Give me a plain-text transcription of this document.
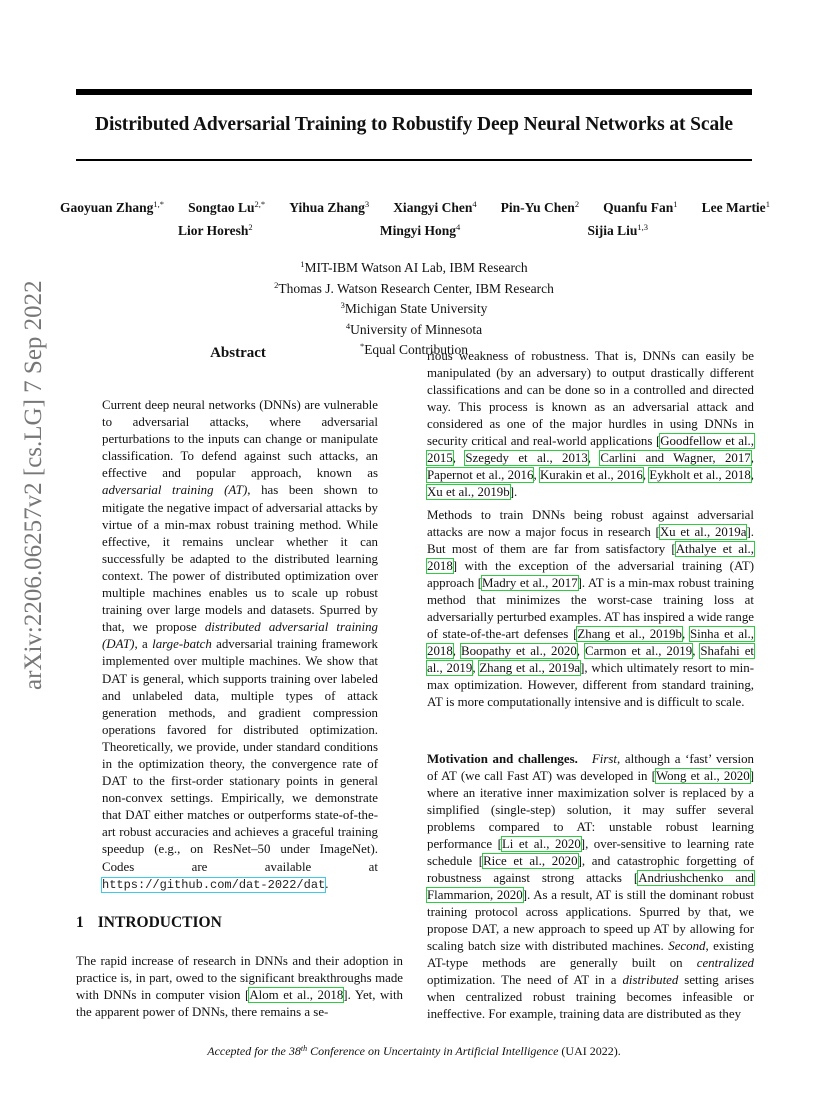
Distributed Adversarial Training to Robustify Deep Neural Networks at Scale
Gaoyuan Zhang$^{1,*}$ Songtao $Lu^{2,*}$ Yihua Zhang$^3$ Xiangyi Chen$^4$ Pin-Yu Chen$^2$ Quanfu Fan$^1$ Lee Martie$^1$
Lior Horesh$^2$	Mingyi Hong$^4$	Sijia Liu$^{1,3}$
$^1$MIT-IBM Watson AI Lab, IBM Research
$^2$Thomas J. Watson Research Center, IBM Research
$^3$Michigan State University
$^4$University of Minnesota
*Equal Contribution
arXiv:2206.06257v2 [cs.LG] 7 Sep 2022	Abstract

Current deep neural networks (DNNs) are vulnerable to adversarial attacks, where adversarial perturbations to the inputs can change or manipulate classification. To defend against such attacks, an effective and popular approach, known as adversarial training (AT), has been shown to mitigate the negative impact of adversarial attacks by virtue of a min-max robust training method. While effective, it remains unclear whether it can successfully be adapted to the distributed learning context. The power of distributed optimization over multiple machines enables us to scale up robust training over large models and datasets. Spurred by that, we propose distributed adversarial training (DAT), a large-batch adversarial training framework implemented over multiple machines. We show that DAT is general, which supports training over labeled and unlabeled data, multiple types of attack generation methods, and gradient compression operations favored for distributed optimization. Theoretically, we provide, under standard conditions in the optimization theory, the convergence rate of DAT to the first-order stationary points in general non-convex settings. Empirically, we demonstrate that DAT either matches or outperforms state-of-the-art robust accuracies and achieves a graceful training speedup (e.g., on ResNet–50 under ImageNet). Codes are available at https://github.com/dat-2022/dat.

1 INTRODUCTION

The rapid increase of research in DNNs and their adoption in practice is, in part, owed to the significant breakthroughs made with DNNs in computer vision [Alom et al., 2018]. Yet, with the apparent power of DNNs, there remains a se-

rious weakness of robustness. That is, DNNs can easily be manipulated (by an adversary) to output drastically different classifications and can be done so in a controlled and directed way. This process is known as an adversarial attack and considered as one of the major hurdles in using DNNs in security critical and real-world applications [Goodfellow et al., 2015, Szegedy et al., 2013, Carlini and Wagner, 2017, Papernot et al., 2016, Kurakin et al., 2016, Eykholt et al., 2018, Xu et al., 2019b].

Methods to train DNNs being robust against adversarial attacks are now a major focus in research [Xu et al., 2019a]. But most of them are far from satisfactory [Athalye et al., 2018] with the exception of the adversarial training (AT) approach [Madry et al., 2017]. AT is a min-max robust training method that minimizes the worst-case training loss at adversarially perturbed examples. AT has inspired a wide range of state-of-the-art defenses [Zhang et al., 2019b, Sinha et al., 2018, Boopathy et al., 2020, Carmon et al., 2019, Shafahi et al., 2019, Zhang et al., 2019a], which ultimately resort to min-max optimization. However, different from standard training, AT is more computationally intensive and is difficult to scale.

Motivation and challenges. First, although a ‘fast’ version of AT (we call Fast AT) was developed in [Wong et al., 2020] where an iterative inner maximization solver is replaced by a simplified (single-step) solution, it may suffer several problems compared to AT: unstable robust learning performance [Li et al., 2020], over-sensitive to learning rate schedule [Rice et al., 2020], and catastrophic forgetting of robustness against strong attacks [Andriushchenko and Flammarion, 2020]. As a result, AT is still the dominant robust training protocol across applications. Spurred by that, we propose DAT, a new approach to speed up AT by allowing for scaling batch size with distributed machines. Second, existing AT-type methods are generally built on centralized optimization. The need of AT in a distributed setting arises when centralized robust training becomes infeasible or ineffective. For example, training data are distributed as they

Accepted for the 38th Conference on Uncertainty in Artificial Intelligence (UAI 2022).
